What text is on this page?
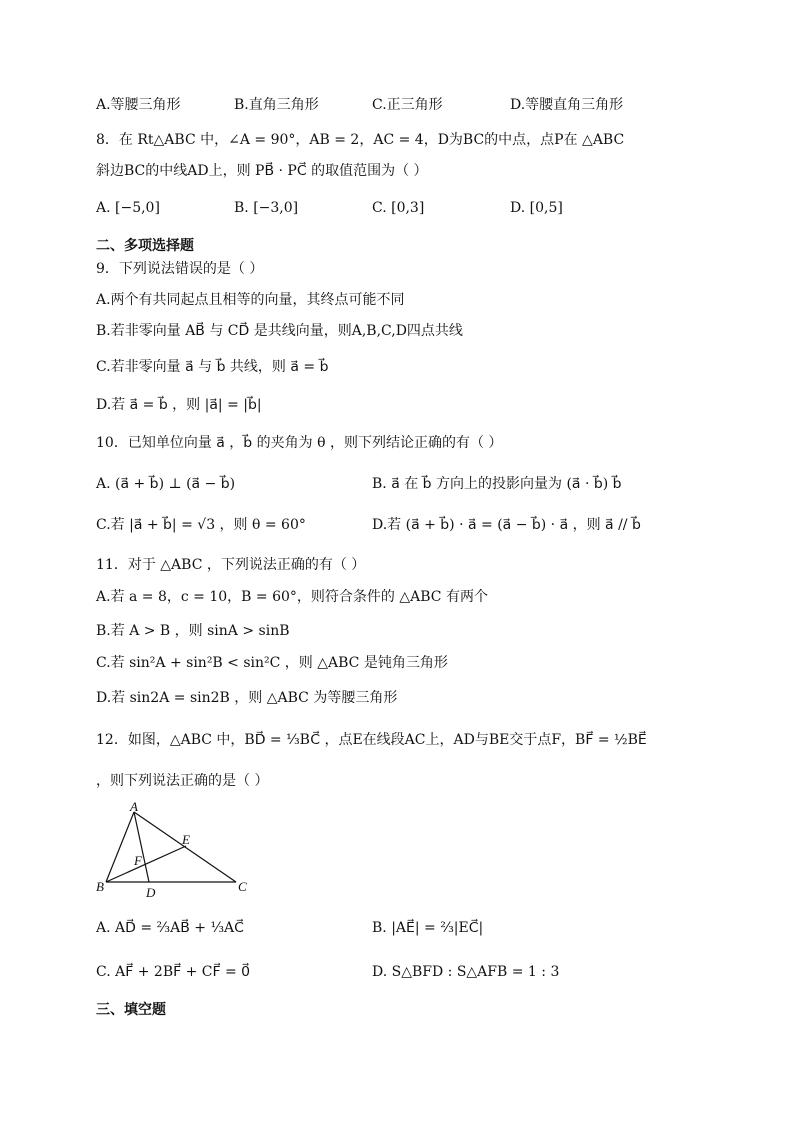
A.等腰三角形	B.直角三角形	C.正三角形	D.等腰直角三角形
8．在 Rt△ABC 中，∠A = 90°，AB = 2，AC = 4，D为BC的中点，点P在 △ABC
斜边BC的中线AD上，则 PB⃗ · PC⃗ 的取值范围为（ ）
A. [−5,0]	B. [−3,0]	C. [0,3]	D. [0,5]
二、多项选择题
9．下列说法错误的是（ ）
A.两个有共同起点且相等的向量，其终点可能不同
B.若非零向量 AB⃗ 与 CD⃗ 是共线向量，则A,B,C,D四点共线
C.若非零向量 a⃗ 与 b⃗ 共线，则 a⃗ = b⃗
D.若 a⃗ = b⃗ ，则 |a⃗| = |b⃗|
10．已知单位向量 a⃗ ，b⃗ 的夹角为 θ ，则下列结论正确的有（ ）
A. (a⃗ + b⃗) ⊥ (a⃗ − b⃗)	B. a⃗ 在 b⃗ 方向上的投影向量为 (a⃗ · b⃗) b⃗
C.若 |a⃗ + b⃗| = √3 ，则 θ = 60°	D.若 (a⃗ + b⃗) · a⃗ = (a⃗ − b⃗) · a⃗ ，则 a⃗ // b⃗
11．对于 △ABC ，下列说法正确的有（ ）
A.若 a = 8，c = 10，B = 60°，则符合条件的 △ABC 有两个
B.若 A > B ，则 sinA > sinB
C.若 sin²A + sin²B < sin²C ，则 △ABC 是钝角三角形
D.若 sin2A = sin2B ，则 △ABC 为等腰三角形
12．如图，△ABC 中，BD⃗ = ⅓BC⃗ ，点E在线段AC上，AD与BE交于点F，BF⃗ = ½BE⃗
，则下列说法正确的是（ ）
A
E
F
B	D	C
A. AD⃗ = ⅔AB⃗ + ⅓AC⃗	B. |AE⃗| = ⅔|EC⃗|
C. AF⃗ + 2BF⃗ + CF⃗ = 0⃗	D. S△BFD : S△AFB = 1 : 3
三、填空题
